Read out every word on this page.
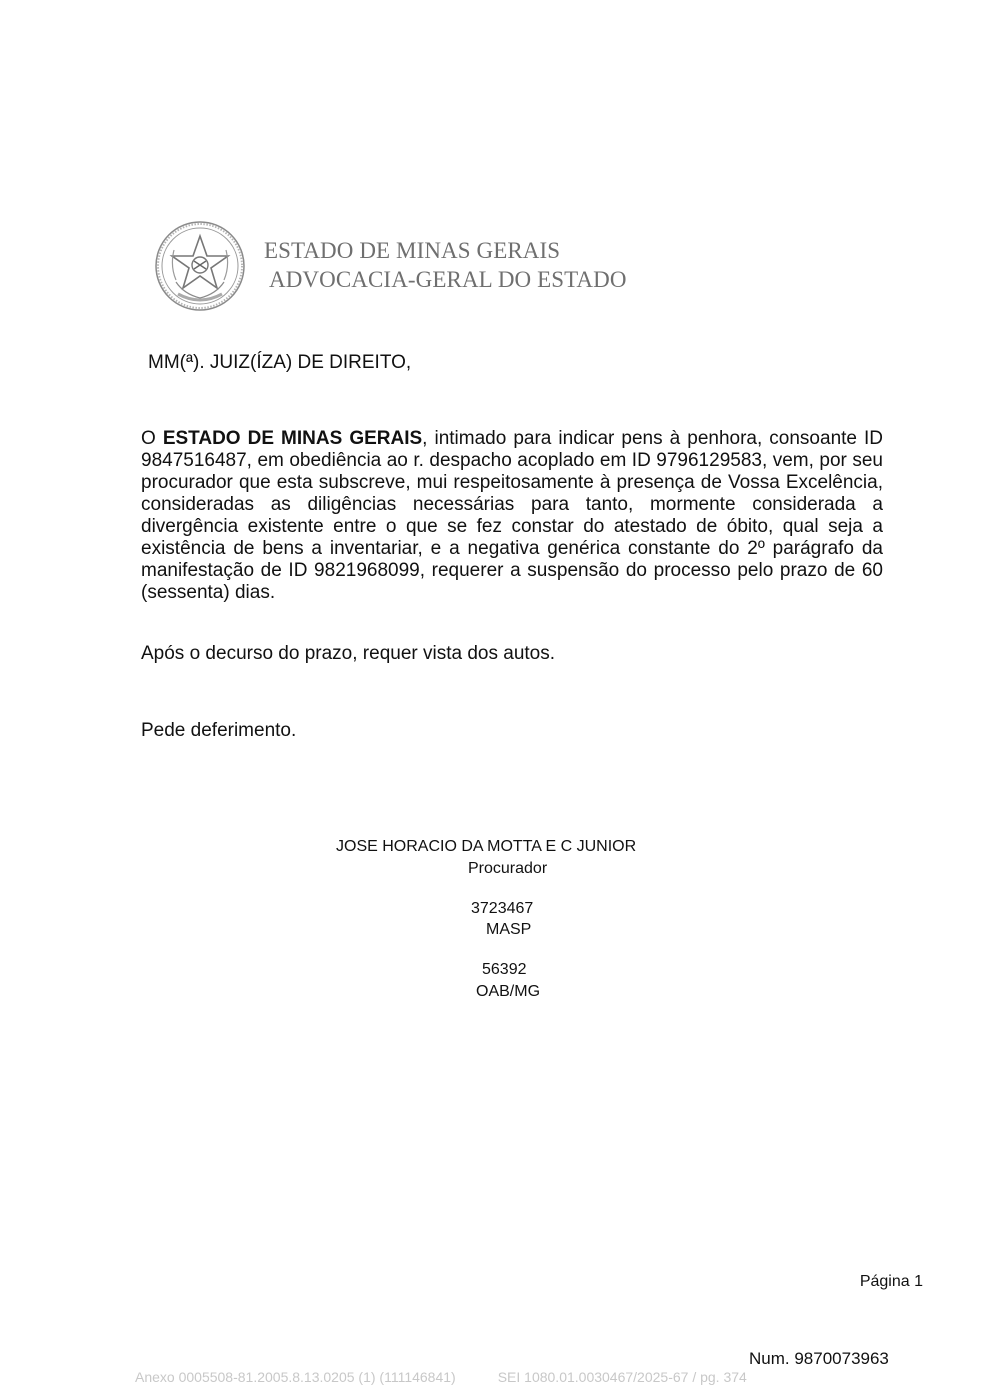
ESTADO DE MINAS GERAIS
ADVOCACIA-GERAL DO ESTADO
MM(ª). JUIZ(ÍZA) DE DIREITO,
O ESTADO DE MINAS GERAIS, intimado para indicar pens à penhora, consoante ID 9847516487, em obediência ao r. despacho acoplado em ID 9796129583, vem, por seu procurador que esta subscreve, mui respeitosamente à presença de Vossa Excelência, consideradas as diligências necessárias para tanto, mormente considerada a divergência existente entre o que se fez constar do atestado de óbito, qual seja a existência de bens a inventariar, e a negativa genérica constante do 2º parágrafo da manifestação de ID 9821968099, requerer a suspensão do processo pelo prazo de 60 (sessenta) dias.
Após o decurso do prazo, requer vista dos autos.
Pede deferimento.
JOSE HORACIO DA MOTTA E C JUNIOR
Procurador
3723467
MASP
56392
OAB/MG
Página 1
Num. 9870073963
Anexo 0005508-81.2005.8.13.0205 (1) (111146841)	SEI 1080.01.0030467/2025-67 / pg. 374
